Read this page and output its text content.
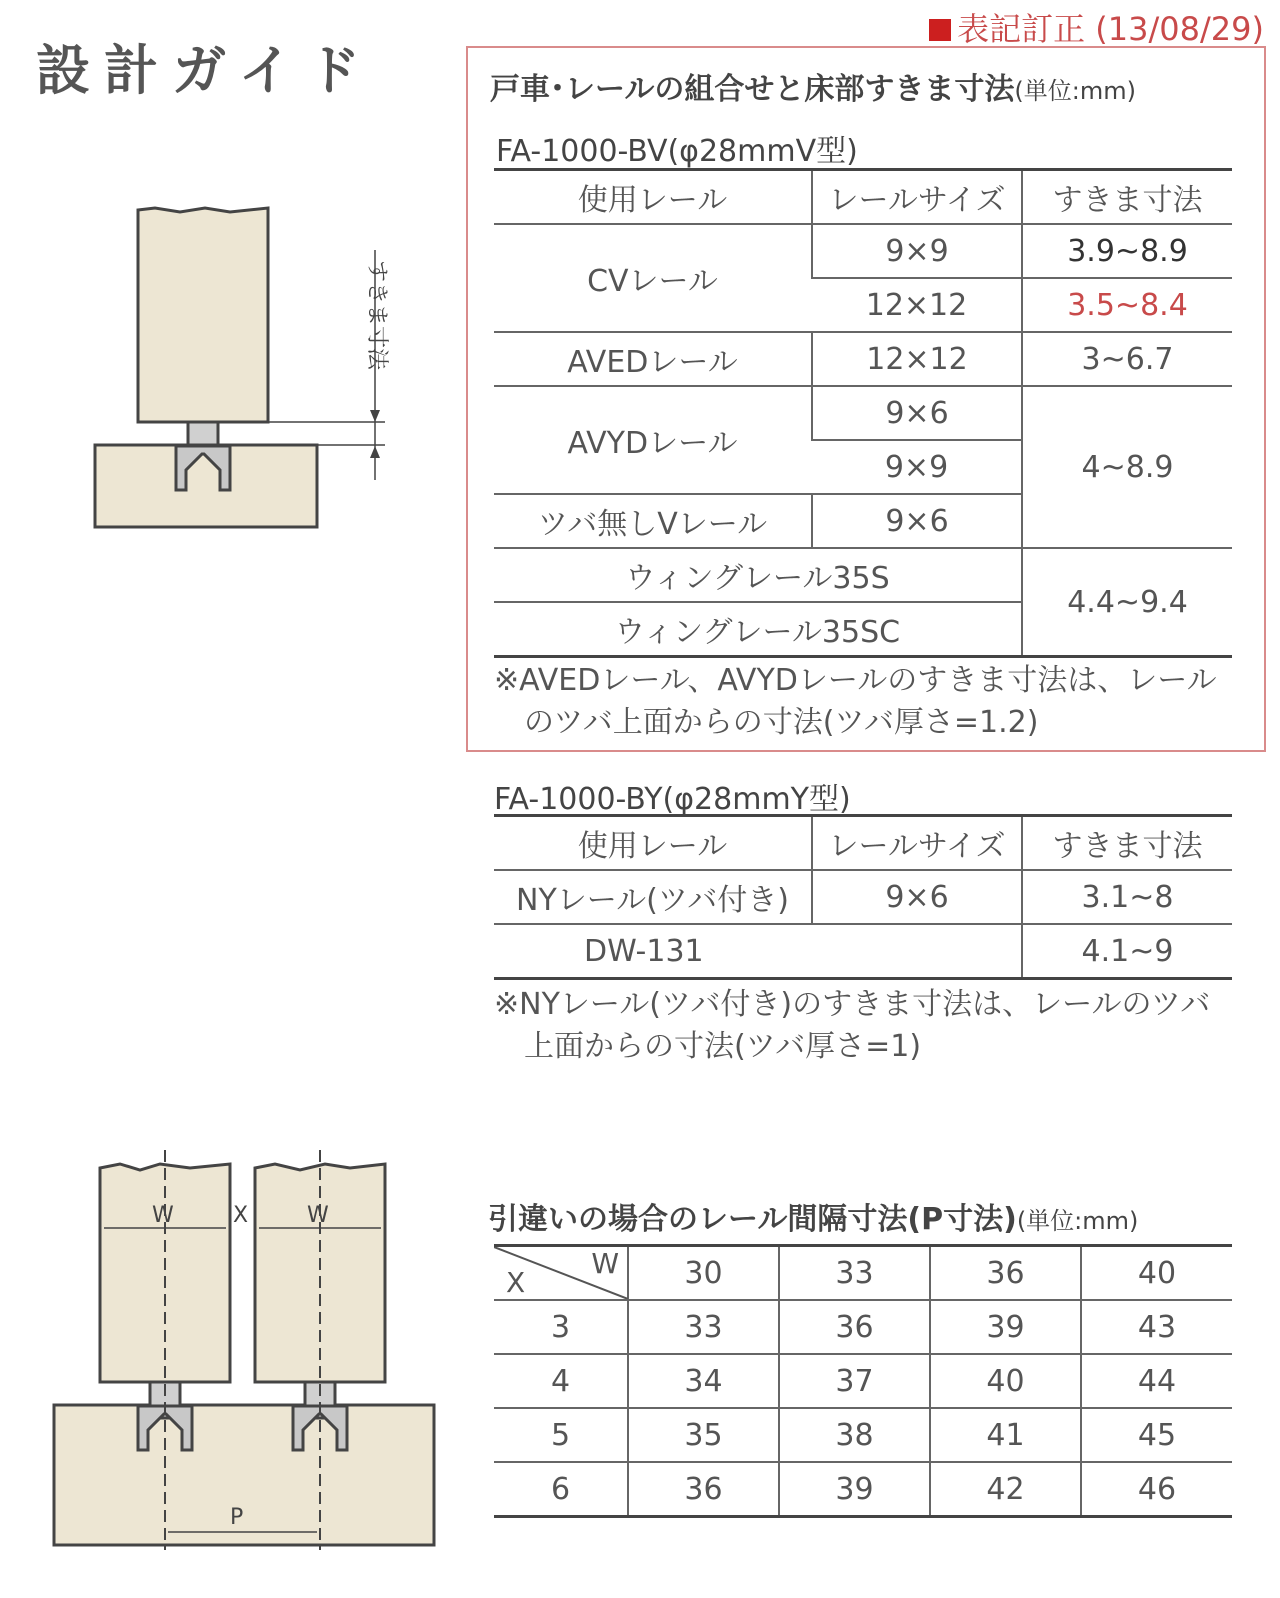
設計ガイド
表記訂正 (13/08/29)
すきま寸法
戸車･レールの組合せと床部すきま寸法(単位:mm)
FA-1000-BV(φ28mmV型)
使用レール	レールサイズ	すきま寸法
CVレール	9×9	3.9~8.9
	12×12	3.5~8.4
AVEDレール	12×12	3~6.7
AVYDレール	9×6	4~8.9
	9×9	
ツバ無しVレール	9×6	
ウィングレール35S		4.4~9.4
ウィングレール35SC		
※AVEDレール、AVYDレールのすきま寸法は、レール
のツバ上面からの寸法(ツバ厚さ=1.2)
FA-1000-BY(φ28mmY型)
使用レール	レールサイズ	すきま寸法
NYレール(ツバ付き)	9×6	3.1~8
DW-131		4.1~9
※NYレール(ツバ付き)のすきま寸法は、レールのツバ
上面からの寸法(ツバ厚さ=1)
W	X	W
P
引違いの場合のレール間隔寸法(P寸法)(単位:mm)
W
X	30	33	36	40
3	33	36	39	43
4	34	37	40	44
5	35	38	41	45
6	36	39	42	46
